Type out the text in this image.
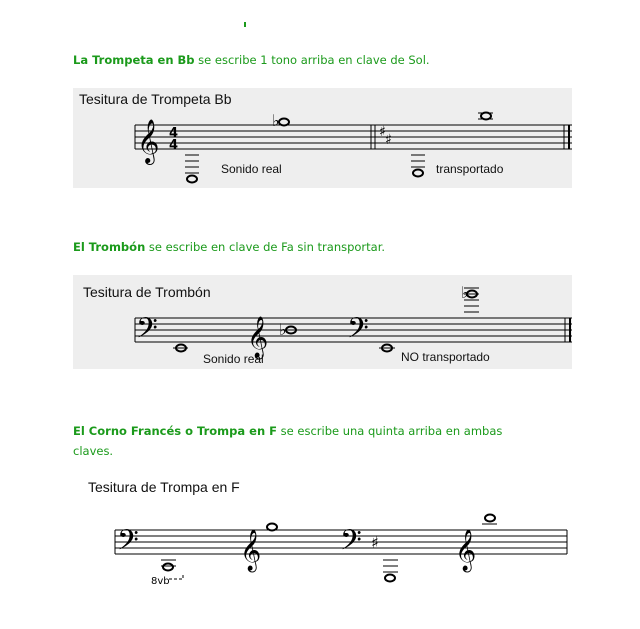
La Trompeta en Bb se escribe 1 tono arriba en clave de Sol.
Tesitura de Trompeta Bb
Sonido real	transportado
𝄞 4
4
♭
♯ ♯
El Trombón se escribe en clave de Fa sin transportar.
Tesitura de Trombón
Sonido real	NO transportado
𝄢 𝄞 ♭ 𝄢
♭
El Corno Francés o Trompa en F se escribe una quinta arriba en ambas
claves.
Tesitura de Trompa en F
𝄢
8vb
𝄞 𝄢 ♯ 𝄞
